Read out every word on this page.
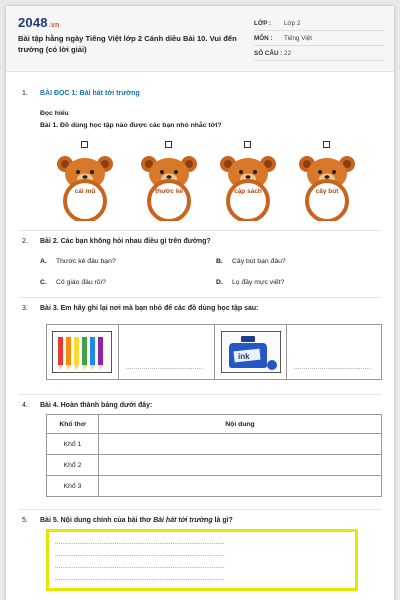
2048.vn
Bài tập hằng ngày Tiếng Việt lớp 2 Cánh diều Bài 10. Vui đến trường (có lời giải)
LỚP :	Lớp 2
MÔN :	Tiếng Việt
SỐ CÂU : 22
1. BÀI ĐỌC 1: Bài hát tới trường
Đọc hiểu
Bài 1. Đồ dùng học tập nào được các bạn nhỏ nhắc tới?
cái mũ	thước kẻ	cặp sách	cây bút
2. Bài 2. Các bạn không hỏi nhau điều gì trên đường?
A. Thước kẻ đâu bạn?	B. Cây bút bạn đâu?
C. Cô giáo đâu rồi?	D. Lọ đầy mực viết?
3. Bài 3. Em hãy ghi lại nơi mà bạn nhỏ để các đồ dùng học tập sau:
.......................................
ink
.......................................
4. Bài 4. Hoàn thành bảng dưới đây:
Khổ thơ	Nội dung
Khổ 1	
Khổ 2	
Khổ 3	
5. Bài 5. Nội dung chính của bài thơ Bài hát tới trường là gì?
...........................................................................................
...........................................................................................
...........................................................................................
...........................................................................................
